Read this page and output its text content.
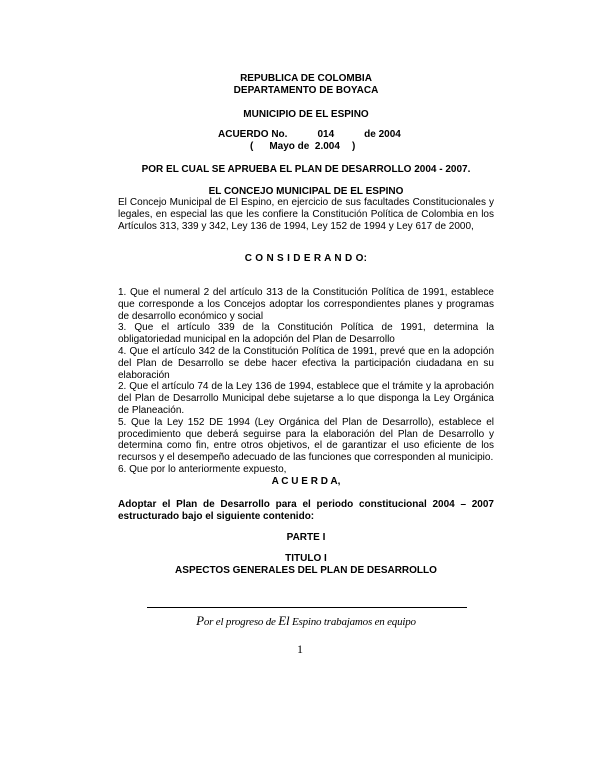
REPUBLICA DE COLOMBIA
DEPARTAMENTO DE BOYACA
MUNICIPIO DE EL ESPINO
ACUERDO No.	014	de 2004
( Mayo de  2.004 )
POR EL CUAL SE APRUEBA EL PLAN DE DESARROLLO 2004 - 2007.
EL CONCEJO MUNICIPAL DE EL ESPINO
El Concejo Municipal de El Espino, en ejercicio de sus facultades Constitucionales y legales, en especial las que les confiere la Constitución Política de Colombia en los Artículos 313, 339 y 342, Ley 136 de 1994, Ley 152 de 1994 y Ley 617 de 2000,
C O N S I D E R A N D O:

1. Que el numeral 2 del artículo 313 de la Constitución Política de 1991, establece que corresponde a los Concejos adoptar los correspondientes planes y programas de desarrollo económico y social

3. Que el artículo 339 de la Constitución Política de 1991, determina la obligatoriedad municipal en la adopción del Plan de Desarrollo

4. Que el artículo 342 de la Constitución Política de 1991, prevé que en la adopción del Plan de Desarrollo se debe hacer efectiva la participación ciudadana en su elaboración

2. Que el artículo 74 de la Ley 136 de 1994, establece que el trámite y la aprobación del Plan de Desarrollo Municipal debe sujetarse a lo que disponga la Ley Orgánica de Planeación.

5. Que la Ley 152 DE 1994 (Ley Orgánica del Plan de Desarrollo), establece el procedimiento que deberá seguirse para la elaboración del Plan de Desarrollo y determina como fin, entre otros objetivos, el de garantizar el uso eficiente de los recursos y el desempeño adecuado de las funciones que corresponden al municipio.

6. Que por lo anteriormente expuesto,

A C U E R D A,
Adoptar el Plan de Desarrollo para el periodo constitucional 2004 – 2007 estructurado bajo el siguiente contenido:
PARTE I
TITULO I
ASPECTOS GENERALES DEL PLAN DE DESARROLLO
Por el progreso de El Espino trabajamos en equipo
1
